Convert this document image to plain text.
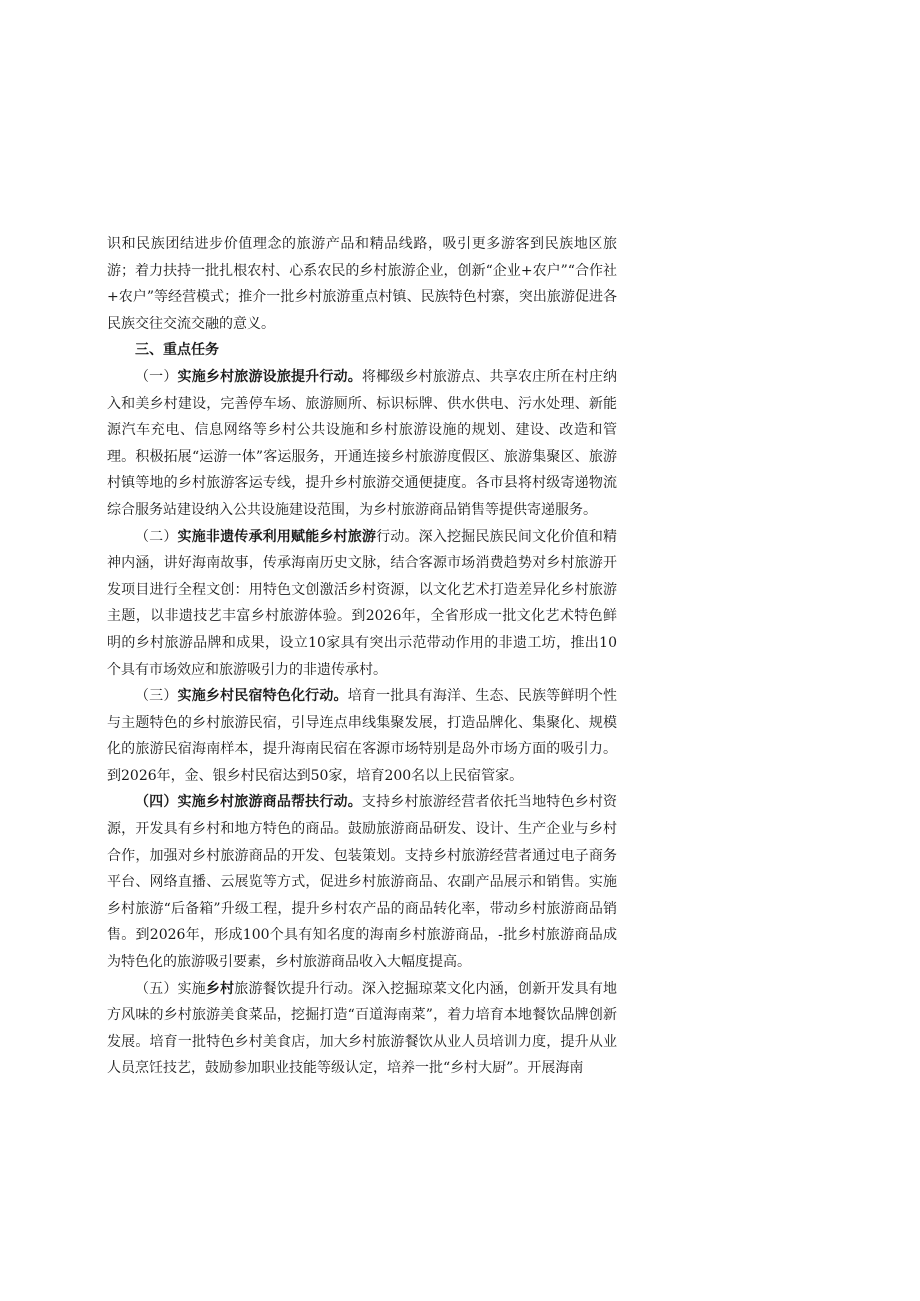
识和民族团结进步价值理念的旅游产品和精品线路，吸引更多游客到民族地区旅游；着力扶持一批扎根农村、心系农民的乡村旅游企业，创新“企业+农户”“合作社+农户”等经营模式；推介一批乡村旅游重点村镇、民族特色村寨，突出旅游促进各民族交往交流交融的意义。

三、重点任务

（一）实施乡村旅游设旅提升行动。将椰级乡村旅游点、共享农庄所在村庄纳入和美乡村建设，完善停车场、旅游厕所、标识标牌、供水供电、污水处理、新能源汽车充电、信息网络等乡村公共设施和乡村旅游设施的规划、建设、改造和管理。积极拓展“运游一体”客运服务，开通连接乡村旅游度假区、旅游集聚区、旅游村镇等地的乡村旅游客运专线，提升乡村旅游交通便捷度。各市县将村级寄递物流综合服务站建设纳入公共设施建设范围，为乡村旅游商品销售等提供寄递服务。

（二）实施非遗传承利用赋能乡村旅游行动。深入挖掘民族民间文化价值和精神内涵，讲好海南故事，传承海南历史文脉，结合客源市场消费趋势对乡村旅游开发项目进行全程文创：用特色文创激活乡村资源，以文化艺术打造差异化乡村旅游主题，以非遗技艺丰富乡村旅游体验。到2026年，全省形成一批文化艺术特色鲜明的乡村旅游品牌和成果，设立10家具有突出示范带动作用的非遗工坊，推出10个具有市场效应和旅游吸引力的非遗传承村。

（三）实施乡村民宿特色化行动。培育一批具有海洋、生态、民族等鲜明个性与主题特色的乡村旅游民宿，引导连点串线集聚发展，打造品牌化、集聚化、规模化的旅游民宿海南样本，提升海南民宿在客源市场特别是岛外市场方面的吸引力。到2026年，金、银乡村民宿达到50家，培育200名以上民宿管家。

（四）实施乡村旅游商品帮扶行动。支持乡村旅游经营者依托当地特色乡村资源，开发具有乡村和地方特色的商品。鼓励旅游商品研发、设计、生产企业与乡村合作，加强对乡村旅游商品的开发、包装策划。支持乡村旅游经营者通过电子商务平台、网络直播、云展览等方式，促进乡村旅游商品、农副产品展示和销售。实施乡村旅游“后备箱”升级工程，提升乡村农产品的商品转化率，带动乡村旅游商品销售。到2026年，形成100个具有知名度的海南乡村旅游商品，-批乡村旅游商品成为特色化的旅游吸引要素，乡村旅游商品收入大幅度提高。

（五）实施乡村旅游餐饮提升行动。深入挖掘琼菜文化内涵，创新开发具有地方风味的乡村旅游美食菜品，挖掘打造“百道海南菜”，着力培育本地餐饮品牌创新发展。培育一批特色乡村美食店，加大乡村旅游餐饮从业人员培训力度，提升从业人员烹饪技艺，鼓励参加职业技能等级认定，培养一批“乡村大厨”。开展海南
